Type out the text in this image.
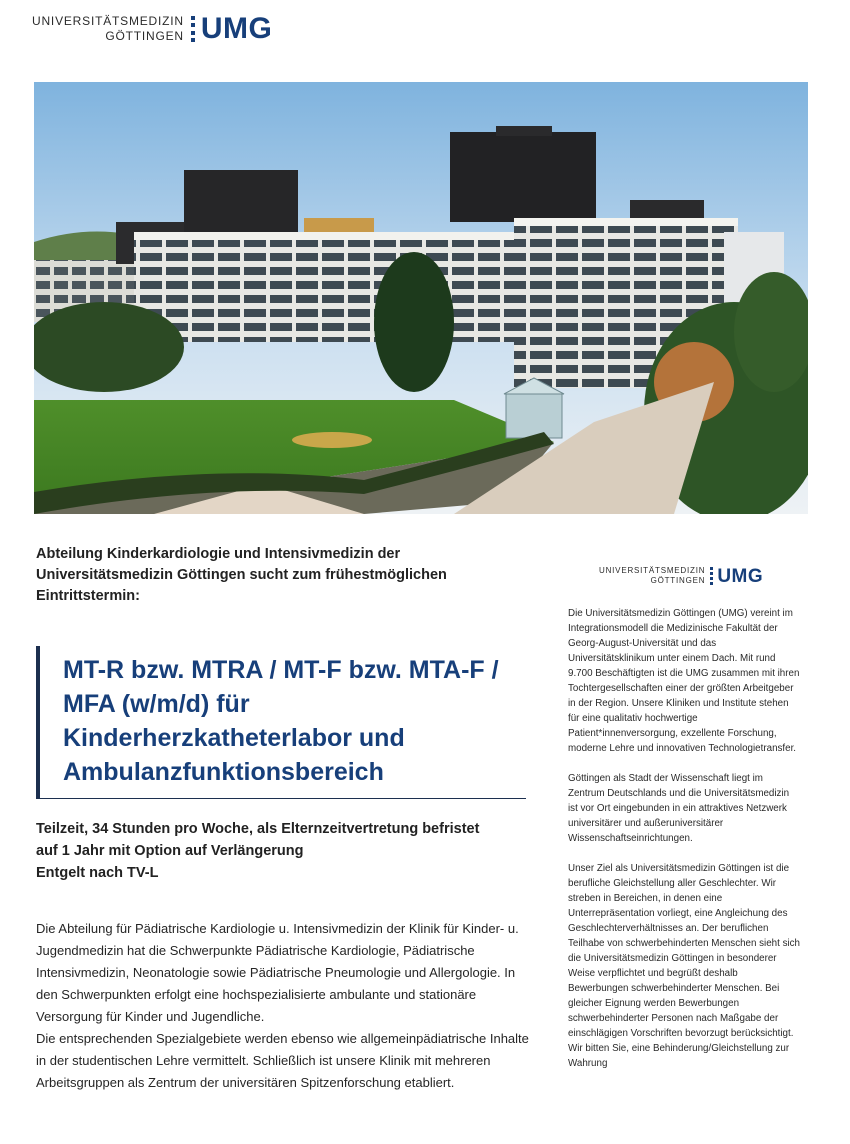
UNIVERSITÄTSMEDIZIN
GÖTTINGEN UMG

Abteilung Kinderkardiologie und Intensivmedizin der Universitätsmedizin Göttingen sucht zum frühestmöglichen Eintrittstermin:

MT-R bzw. MTRA / MT-F bzw. MTA-F / MFA (w/m/d) für Kinderherzkatheterlabor und Ambulanzfunktionsbereich
Teilzeit, 34 Stunden pro Woche, als Elternzeitvertretung befristet
auf 1 Jahr mit Option auf Verlängerung
Entgelt nach TV-L

Die Abteilung für Pädiatrische Kardiologie u. Intensivmedizin der Klinik für Kinder- u. Jugendmedizin hat die Schwerpunkte Pädiatrische Kardiologie, Pädiatrische Intensivmedizin, Neonatologie sowie Pädiatrische Pneumologie und Allergologie. In den Schwerpunkten erfolgt eine hochspezialisierte ambulante und stationäre Versorgung für Kinder und Jugendliche.

Die entsprechenden Spezialgebiete werden ebenso wie allgemeinpädiatrische Inhalte in der studentischen Lehre vermittelt. Schließlich ist unsere Klinik mit mehreren Arbeitsgruppen als Zentrum der universitären Spitzenforschung etabliert.

UNIVERSITÄTSMEDIZIN
GÖTTINGEN UMG

Die Universitätsmedizin Göttingen (UMG) vereint im Integrationsmodell die Medizinische Fakultät der Georg-August-Universität und das Universitätsklinikum unter einem Dach. Mit rund 9.700 Beschäftigten ist die UMG zusammen mit ihren Tochtergesellschaften einer der größten Arbeitgeber in der Region. Unsere Kliniken und Institute stehen für eine qualitativ hochwertige Patient*innenversorgung, exzellente Forschung, moderne Lehre und innovativen Technologietransfer.

Göttingen als Stadt der Wissenschaft liegt im Zentrum Deutschlands und die Universitätsmedizin ist vor Ort eingebunden in ein attraktives Netzwerk universitärer und außeruniversitärer Wissenschaftseinrichtungen.

Unser Ziel als Universitätsmedizin Göttingen ist die berufliche Gleichstellung aller Geschlechter. Wir streben in Bereichen, in denen eine Unterrepräsentation vorliegt, eine Angleichung des Geschlechterverhältnisses an. Der beruflichen Teilhabe von schwerbehinderten Menschen sieht sich die Universitätsmedizin Göttingen in besonderer Weise verpflichtet und begrüßt deshalb Bewerbungen schwerbehinderter Menschen. Bei gleicher Eignung werden Bewerbungen schwerbehinderter Personen nach Maßgabe der einschlägigen Vorschriften bevorzugt berücksichtigt. Wir bitten Sie, eine Behinderung/Gleichstellung zur Wahrung
